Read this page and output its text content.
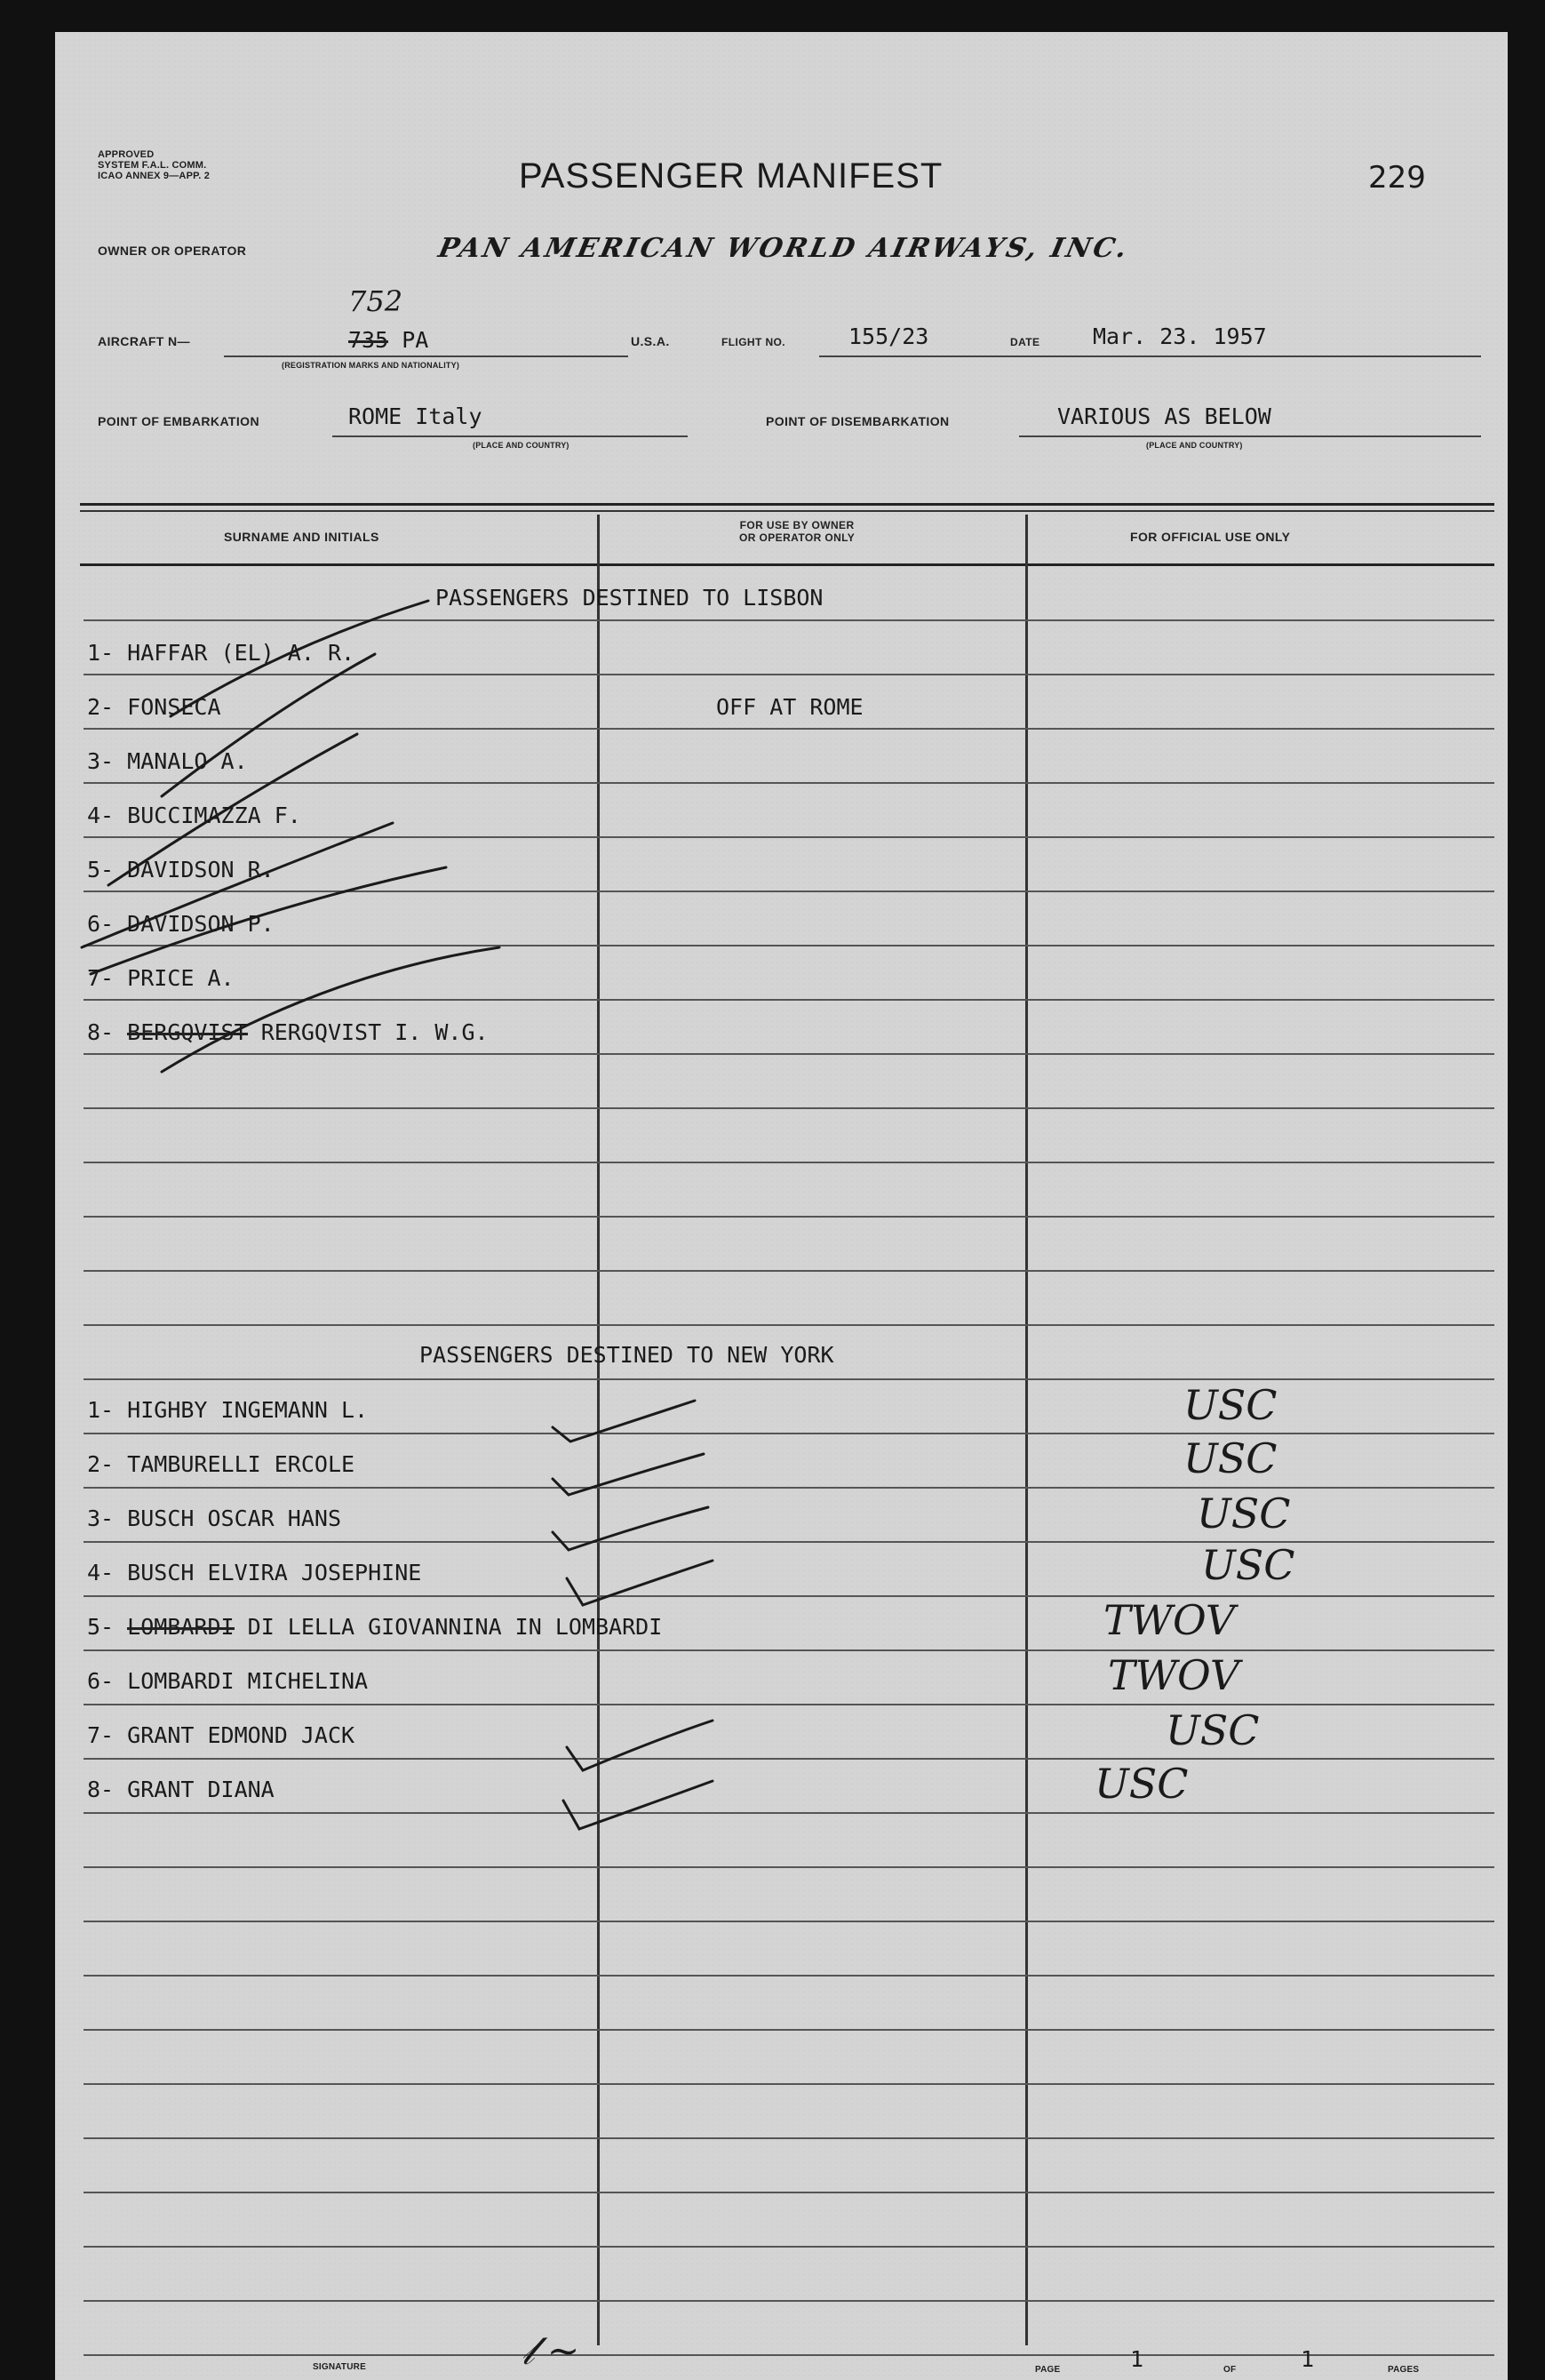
APPROVED
SYSTEM F.A.L. COMM.
ICAO ANNEX 9—APP. 2	PASSENGER MANIFEST	229
OWNER OR OPERATOR	PAN AMERICAN WORLD AIRWAYS, INC.
AIRCRAFT N—
752
735 PA
(REGISTRATION MARKS AND NATIONALITY)
U.S.A.	FLIGHT NO.	155/23	DATE Mar. 23. 1957
POINT OF EMBARKATION	ROME Italy
(PLACE AND COUNTRY)
POINT OF DISEMBARKATION	VARIOUS AS BELOW
(PLACE AND COUNTRY)
SURNAME AND INITIALS
FOR USE BY OWNER
OR OPERATOR ONLY	FOR OFFICIAL USE ONLY
PASSENGERS DESTINED TO LISBON
1- HAFFAR (EL) A. R.
2- FONSECA	OFF AT ROME
3- MANALO A.
4- BUCCIMAZZA F.
5- DAVIDSON R.
6- DAVIDSON P.
7- PRICE A.
8- BERGQVIST RERGQVIST I. W.G.
PASSENGERS DESTINED TO NEW YORK
1- HIGHBY INGEMANN L.	USC
2- TAMBURELLI ERCOLE	USC
3- BUSCH OSCAR HANS	USC
4- BUSCH ELVIRA JOSEPHINE	USC
5- LOMBARDI DI LELLA GIOVANNINA IN LOMBARDI	TWOV
6- LOMBARDI MICHELINA	TWOV
7- GRANT EDMOND JACK	USC
8- GRANT DIANA	USC
SIGNATURE	𝓁 ~	PAGE	1	OF	1	PAGES
